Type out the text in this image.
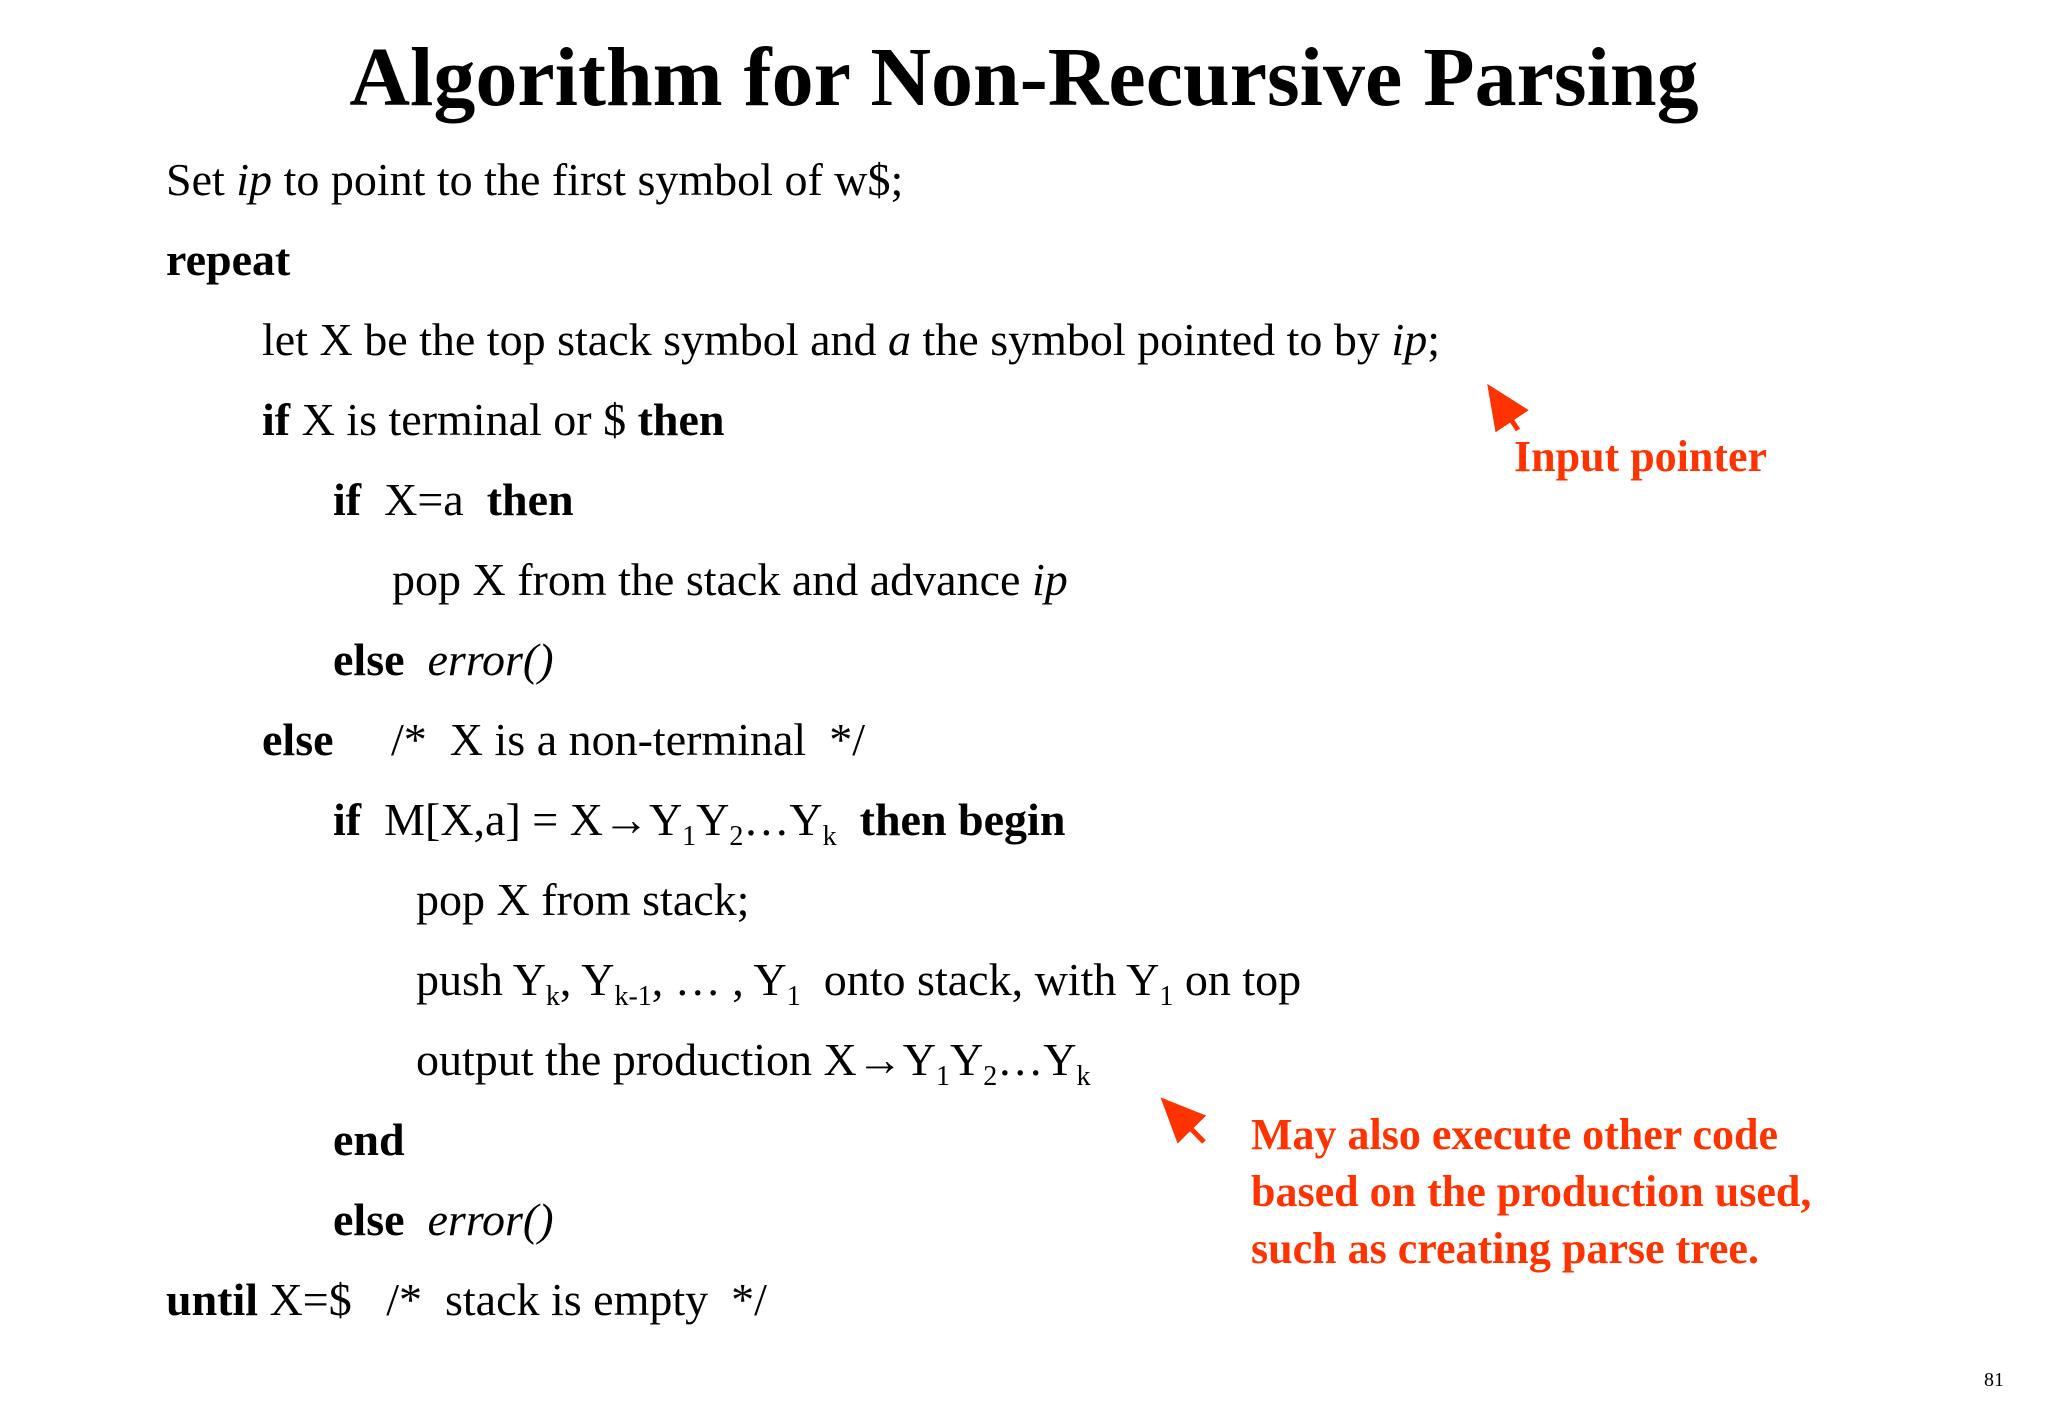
Algorithm for Non-Recursive Parsing
Set ip to point to the first symbol of w$;
repeat
let X be the top stack symbol and a the symbol pointed to by ip;
if X is terminal or $ then
if  X=a  then
pop X from the stack and advance ip
else error()
else     /*  X is a non-terminal  */
if  $M[X,a] = X\to Y_1Y_2\dots Y_k$  then begin
pop X from stack;
push $Y_k$, $Y_{k-1}$, … , $Y_1$  onto stack, with $Y_1$ on top
output the production $X\to Y_1Y_2\dots Y_k$
end
else error()
until X=$   /*  stack is empty  */
Input pointer
May also execute other code
based on the production used,
such as creating parse tree.
81
